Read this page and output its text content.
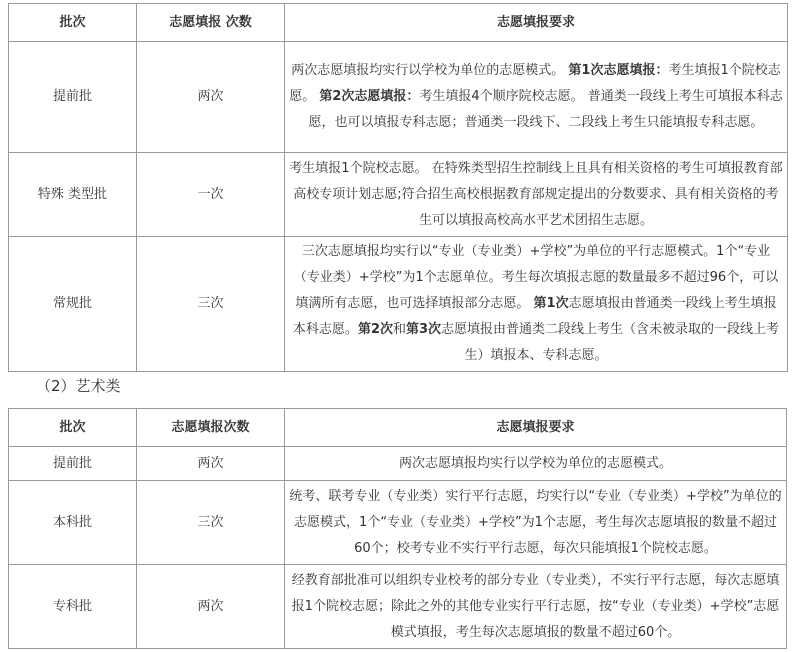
批次	志愿填报 次数	志愿填报要求
提前批	两次	两次志愿填报均实行以学校为单位的志愿模式。 第1次志愿填报：考生填报1个院校志愿。 第2次志愿填报：考生填报4个顺序院校志愿。 普通类一段线上考生可填报本科志愿，也可以填报专科志愿；普通类一段线下、二段线上考生只能填报专科志愿。
特殊 类型批	一次	考生填报1个院校志愿。 在特殊类型招生控制线上且具有相关资格的考生可填报教育部高校专项计划志愿;符合招生高校根据教育部规定提出的分数要求、具有相关资格的考生可以填报高校高水平艺术团招生志愿。
常规批	三次	三次志愿填报均实行以“专业（专业类）+学校”为单位的平行志愿模式。1个“专业（专业类）+学校”为1个志愿单位。考生每次填报志愿的数量最多不超过96个，可以填满所有志愿，也可选择填报部分志愿。 第1次志愿填报由普通类一段线上考生填报本科志愿。第2次和第3次志愿填报由普通类二段线上考生（含未被录取的一段线上考生）填报本、专科志愿。
（2）艺术类
批次	志愿填报次数	志愿填报要求
提前批	两次	两次志愿填报均实行以学校为单位的志愿模式。
本科批	三次	统考、联考专业（专业类）实行平行志愿，均实行以“专业（专业类）+学校”为单位的志愿模式，1个“专业（专业类）+学校”为1个志愿，考生每次志愿填报的数量不超过60个；校考专业不实行平行志愿，每次只能填报1个院校志愿。
专科批	两次	经教育部批准可以组织专业校考的部分专业（专业类），不实行平行志愿，每次志愿填报1个院校志愿；除此之外的其他专业实行平行志愿，按“专业（专业类）+学校”志愿模式填报，考生每次志愿填报的数量不超过60个。
